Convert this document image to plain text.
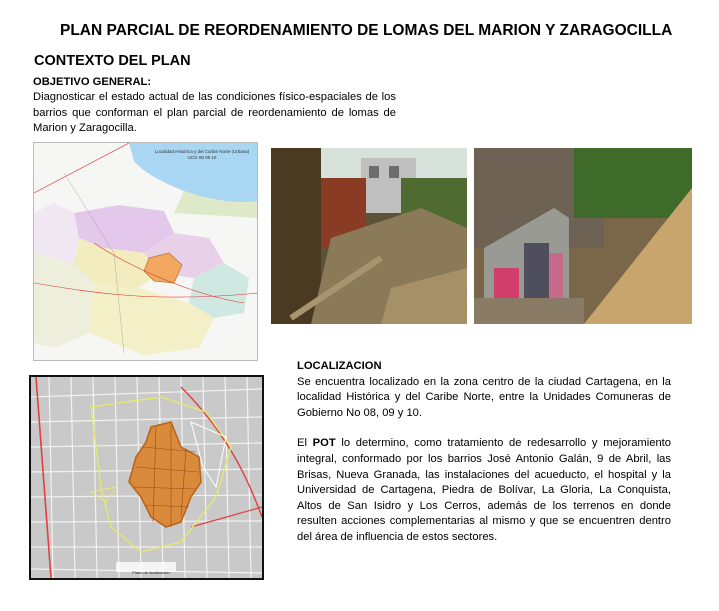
PLAN PARCIAL DE REORDENAMIENTO DE LOMAS DEL MARION Y ZARAGOCILLA
CONTEXTO DEL PLAN
OBJETIVO GENERAL:
Diagnosticar el estado actual de las condiciones físico-espaciales de los barrios que conforman el plan parcial de reordenamiento de lomas de Marion y Zaragocilla.
Localidad Histórica y del Caribe Norte (Urbana) UCG 08 09 10
Plano de localización

LOCALIZACION
Se encuentra localizado en la zona centro de la ciudad Cartagena, en la localidad Histórica y del Caribe Norte, entre la Unidades Comuneras de Gobierno No 08, 09 y 10.

El POT lo determino, como tratamiento de redesarrollo y mejoramiento integral, conformado por los barrios José Antonio Galán, 9 de Abril, las Brisas, Nueva Granada, las instalaciones del acueducto, el hospital y la Universidad de Cartagena, Piedra de Bolívar, La Gloria, La Conquista, Altos de San Isidro y Los Cerros, además de los terrenos en donde resulten acciones complementarias al mismo y que se encuentren dentro del área de influencia de estos sectores.
